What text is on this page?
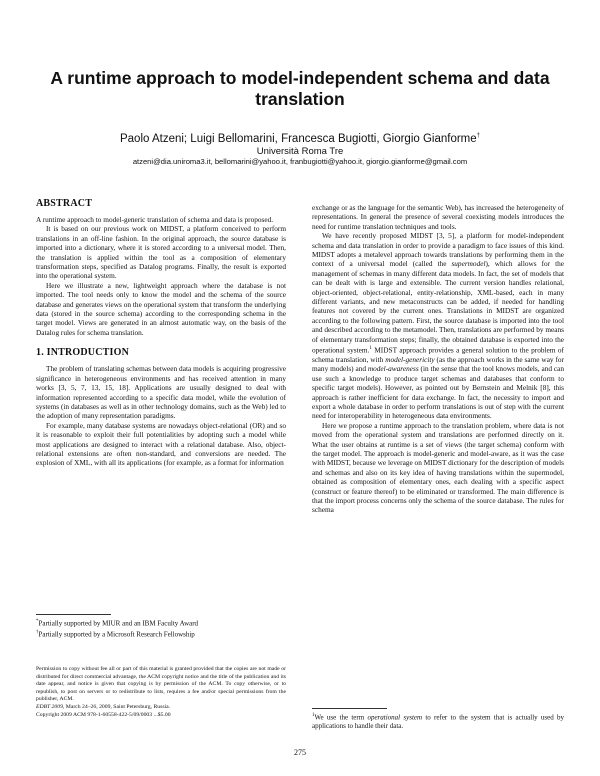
A runtime approach to model-independent schema and data translation
Paolo Atzeni; Luigi Bellomarini, Francesca Bugiotti, Giorgio Gianforme†
Università Roma Tre
atzeni@dia.uniroma3.it, bellomarini@yahoo.it, franbugiotti@yahoo.it, giorgio.gianforme@gmail.com
ABSTRACT

A runtime approach to model-generic translation of schema and data is proposed.

It is based on our previous work on MIDST, a platform conceived to perform translations in an off-line fashion. In the original approach, the source database is imported into a dictionary, where it is stored according to a universal model. Then, the translation is applied within the tool as a composition of elementary transformation steps, specified as Datalog programs. Finally, the result is exported into the operational system.

Here we illustrate a new, lightweight approach where the database is not imported. The tool needs only to know the model and the schema of the source database and generates views on the operational system that transform the underlying data (stored in the source schema) according to the corresponding schema in the target model. Views are generated in an almost automatic way, on the basis of the Datalog rules for schema translation.

1. INTRODUCTION

The problem of translating schemas between data models is acquiring progressive significance in heterogeneous environments and has received attention in many works [3, 5, 7, 13, 15, 18]. Applications are usually designed to deal with information represented according to a specific data model, while the evolution of systems (in databases as well as in other technology domains, such as the Web) led to the adoption of many representation paradigms.

For example, many database systems are nowadays object-relational (OR) and so it is reasonable to exploit their full potentialities by adopting such a model while most applications are designed to interact with a relational database. Also, object-relational extensions are often non-standard, and conversions are needed. The explosion of XML, with all its applications (for example, as a format for information

*Partially supported by MIUR and an IBM Faculty Award

†Partially supported by a Microsoft Research Fellowship

Permission to copy without fee all or part of this material is granted provided that the copies are not made or distributed for direct commercial advantage, the ACM copyright notice and the title of the publication and its date appear, and notice is given that copying is by permission of the ACM. To copy otherwise, or to republish, to post on servers or to redistribute to lists, requires a fee and/or special permissions from the publisher, ACM.

EDBT 2009, March 24–26, 2009, Saint Petersburg, Russia.

Copyright 2009 ACM 978-1-60558-422-5/09/0003 ...$5.00

exchange or as the language for the semantic Web), has increased the heterogeneity of representations. In general the presence of several coexisting models introduces the need for runtime translation techniques and tools.

We have recently proposed MIDST [3, 5], a platform for model-independent schema and data translation in order to provide a paradigm to face issues of this kind. MIDST adopts a metalevel approach towards translations by performing them in the context of a universal model (called the supermodel), which allows for the management of schemas in many different data models. In fact, the set of models that can be dealt with is large and extensible. The current version handles relational, object-oriented, object-relational, entity-relationship, XML-based, each in many different variants, and new metaconstructs can be added, if needed for handling features not covered by the current ones. Translations in MIDST are organized according to the following pattern. First, the source database is imported into the tool and described according to the metamodel. Then, translations are performed by means of elementary transformation steps; finally, the obtained database is exported into the operational system.$^1$ MIDST approach provides a general solution to the problem of schema translation, with model-genericity (as the approach works in the same way for many models) and model-awareness (in the sense that the tool knows models, and can use such a knowledge to produce target schemas and databases that conform to specific target models). However, as pointed out by Bernstein and Melnik [8], this approach is rather inefficient for data exchange. In fact, the necessity to import and export a whole database in order to perform translations is out of step with the current need for interoperability in heterogeneous data environments.

Here we propose a runtime approach to the translation problem, where data is not moved from the operational system and translations are performed directly on it. What the user obtains at runtime is a set of views (the target schema) conform with the target model. The approach is model-generic and model-aware, as it was the case with MIDST, because we leverage on MIDST dictionary for the description of models and schemas and also on its key idea of having translations within the supermodel, obtained as composition of elementary ones, each dealing with a specific aspect (construct or feature thereof) to be eliminated or transformed. The main difference is that the import process concerns only the schema of the source database. The rules for schema

$^1$We use the term operational system to refer to the system that is actually used by applications to handle their data.

275
